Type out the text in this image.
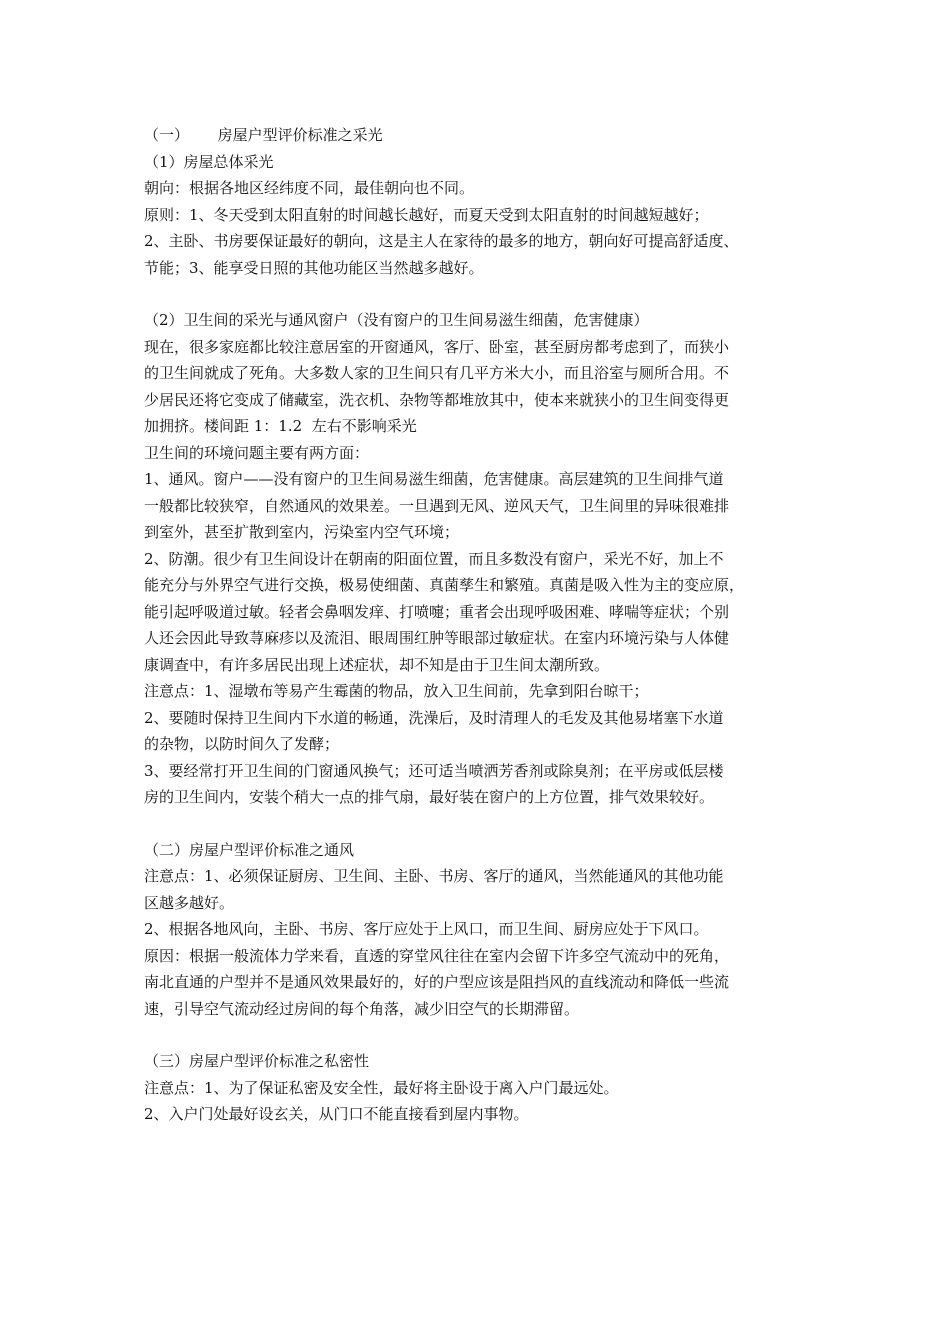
（一）      房屋户型评价标准之采光

（1）房屋总体采光

朝向：根据各地区经纬度不同，最佳朝向也不同。

原则：1、冬天受到太阳直射的时间越长越好，而夏天受到太阳直射的时间越短越好；

2、主卧、书房要保证最好的朝向，这是主人在家待的最多的地方，朝向好可提高舒适度、

节能；3、能享受日照的其他功能区当然越多越好。

（2）卫生间的采光与通风窗户（没有窗户的卫生间易滋生细菌，危害健康）

现在，很多家庭都比较注意居室的开窗通风，客厅、卧室，甚至厨房都考虑到了，而狭小

的卫生间就成了死角。大多数人家的卫生间只有几平方米大小，而且浴室与厕所合用。不

少居民还将它变成了储藏室，洗衣机、杂物等都堆放其中，使本来就狭小的卫生间变得更

加拥挤。楼间距 1：1.2  左右不影响采光

卫生间的环境问题主要有两方面：

1、通风。窗户——没有窗户的卫生间易滋生细菌，危害健康。高层建筑的卫生间排气道

一般都比较狭窄，自然通风的效果差。一旦遇到无风、逆风天气，卫生间里的异味很难排

到室外，甚至扩散到室内，污染室内空气环境；

2、防潮。很少有卫生间设计在朝南的阳面位置，而且多数没有窗户，采光不好，加上不

能充分与外界空气进行交换，极易使细菌、真菌孳生和繁殖。真菌是吸入性为主的变应原，

能引起呼吸道过敏。轻者会鼻咽发痒、打喷嚏；重者会出现呼吸困难、哮喘等症状；个别

人还会因此导致荨麻疹以及流泪、眼周围红肿等眼部过敏症状。在室内环境污染与人体健

康调查中，有许多居民出现上述症状，却不知是由于卫生间太潮所致。

注意点：1、湿墩布等易产生霉菌的物品，放入卫生间前，先拿到阳台晾干；

2、要随时保持卫生间内下水道的畅通，洗澡后，及时清理人的毛发及其他易堵塞下水道

的杂物，以防时间久了发酵；

3、要经常打开卫生间的门窗通风换气；还可适当喷洒芳香剂或除臭剂；在平房或低层楼

房的卫生间内，安装个稍大一点的排气扇，最好装在窗户的上方位置，排气效果较好。

（二）房屋户型评价标准之通风

注意点：1、必须保证厨房、卫生间、主卧、书房、客厅的通风，当然能通风的其他功能

区越多越好。

2、根据各地风向，主卧、书房、客厅应处于上风口，而卫生间、厨房应处于下风口。

原因：根据一般流体力学来看，直透的穿堂风往往在室内会留下许多空气流动中的死角，

南北直通的户型并不是通风效果最好的，好的户型应该是阻挡风的直线流动和降低一些流

速，引导空气流动经过房间的每个角落，减少旧空气的长期滞留。

（三）房屋户型评价标准之私密性

注意点：1、为了保证私密及安全性，最好将主卧设于离入户门最远处。

2、入户门处最好设玄关，从门口不能直接看到屋内事物。
